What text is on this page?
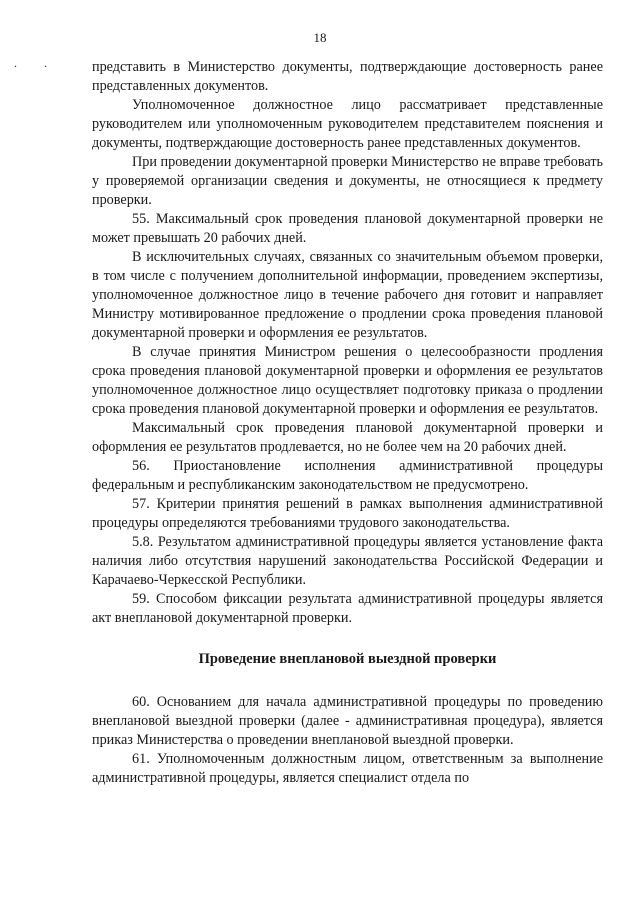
18
. . представить в Министерство документы, подтверждающие достоверность ранее представленных документов.

Уполномоченное должностное лицо рассматривает представленные руководителем или уполномоченным руководителем представителем пояснения и документы, подтверждающие достоверность ранее представленных документов.

При проведении документарной проверки Министерство не вправе требовать у проверяемой организации сведения и документы, не относящиеся к предмету проверки.

55. Максимальный срок проведения плановой документарной проверки не может превышать 20 рабочих дней.

В исключительных случаях, связанных со значительным объемом проверки, в том числе с получением дополнительной информации, проведением экспертизы, уполномоченное должностное лицо в течение рабочего дня готовит и направляет Министру мотивированное предложение о продлении срока проведения плановой документарной проверки и оформления ее результатов.

В случае принятия Министром решения о целесообразности продления срока проведения плановой документарной проверки и оформления ее результатов уполномоченное должностное лицо осуществляет подготовку приказа о продлении срока проведения плановой документарной проверки и оформления ее результатов.

Максимальный срок проведения плановой документарной проверки и оформления ее результатов продлевается, но не более чем на 20 рабочих дней.

56. Приостановление исполнения административной процедуры федеральным и республиканским законодательством не предусмотрено.

57. Критерии принятия решений в рамках выполнения административной процедуры определяются требованиями трудового законодательства.

5.8. Результатом административной процедуры является установление факта наличия либо отсутствия нарушений законодательства Российской Федерации и Карачаево-Черкесской Республики.

59. Способом фиксации результата административной процедуры является акт внеплановой документарной проверки.

Проведение внеплановой выездной проверки

60. Основанием для начала административной процедуры по проведению внеплановой выездной проверки (далее - административная процедура), является приказ Министерства о проведении внеплановой выездной проверки.

61. Уполномоченным должностным лицом, ответственным за выполнение административной процедуры, является специалист отдела по
